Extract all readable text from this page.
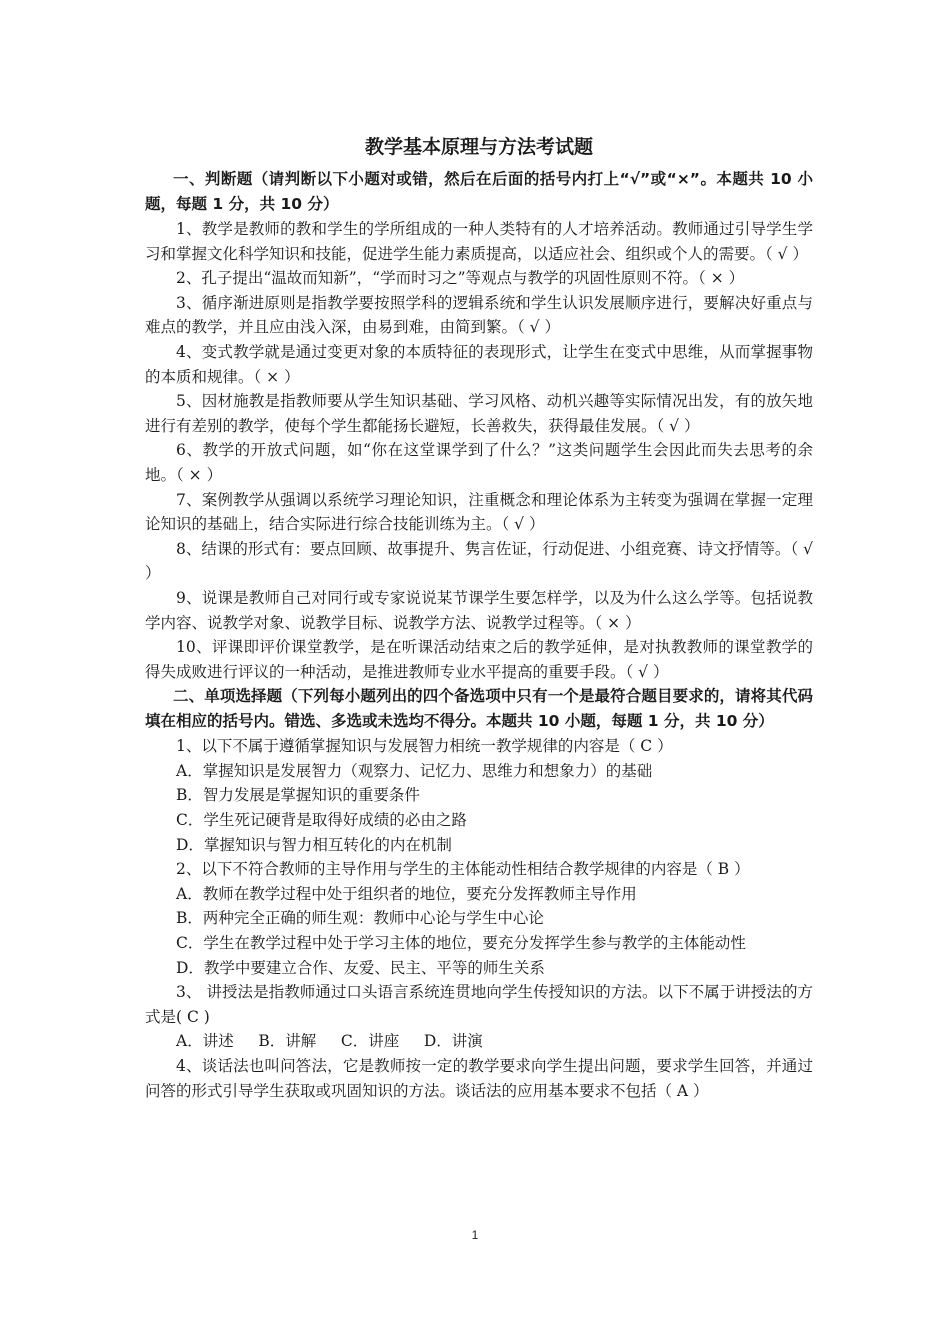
教学基本原理与方法考试题

一、判断题（请判断以下小题对或错，然后在后面的括号内打上“√”或“×”。本题共 10 小题，每题 1 分，共 10 分）

1、教学是教师的教和学生的学所组成的一种人类特有的人才培养活动。教师通过引导学生学习和掌握文化科学知识和技能，促进学生能力素质提高，以适应社会、组织或个人的需要。（ √ ）

2、孔子提出“温故而知新”，“学而时习之”等观点与教学的巩固性原则不符。（ × ）

3、循序渐进原则是指教学要按照学科的逻辑系统和学生认识发展顺序进行，要解决好重点与难点的教学，并且应由浅入深，由易到难，由简到繁。（ √ ）

4、变式教学就是通过变更对象的本质特征的表现形式，让学生在变式中思维，从而掌握事物的本质和规律。（ × ）

5、因材施教是指教师要从学生知识基础、学习风格、动机兴趣等实际情况出发，有的放矢地进行有差别的教学，使每个学生都能扬长避短，长善救失，获得最佳发展。（ √ ）

6、教学的开放式问题，如“你在这堂课学到了什么？”这类问题学生会因此而失去思考的余地。（ × ）

7、案例教学从强调以系统学习理论知识，注重概念和理论体系为主转变为强调在掌握一定理论知识的基础上，结合实际进行综合技能训练为主。（ √ ）

8、结课的形式有：要点回顾、故事提升、隽言佐证，行动促进、小组竞赛、诗文抒情等。（ √ ）

9、说课是教师自己对同行或专家说说某节课学生要怎样学，以及为什么这么学等。包括说教学内容、说教学对象、说教学目标、说教学方法、说教学过程等。（ × ）

10、评课即评价课堂教学，是在听课活动结束之后的教学延伸，是对执教教师的课堂教学的得失成败进行评议的一种活动，是推进教师专业水平提高的重要手段。（ √ ）

二、单项选择题（下列每小题列出的四个备选项中只有一个是最符合题目要求的，请将其代码填在相应的括号内。错选、多选或未选均不得分。本题共 10 小题，每题 1 分，共 10 分）

1、以下不属于遵循掌握知识与发展智力相统一教学规律的内容是（ C ）

A．掌握知识是发展智力（观察力、记忆力、思维力和想象力）的基础

B．智力发展是掌握知识的重要条件

C．学生死记硬背是取得好成绩的必由之路

D．掌握知识与智力相互转化的内在机制

2、以下不符合教师的主导作用与学生的主体能动性相结合教学规律的内容是（ B ）

A．教师在教学过程中处于组织者的地位，要充分发挥教师主导作用

B．两种完全正确的师生观：教师中心论与学生中心论

C．学生在教学过程中处于学习主体的地位，要充分发挥学生参与教学的主体能动性

D．教学中要建立合作、友爱、民主、平等的师生关系

3、 讲授法是指教师通过口头语言系统连贯地向学生传授知识的方法。以下不属于讲授法的方式是( C )

A．讲述     B．讲解     C．讲座     D．讲演

4、谈话法也叫问答法，它是教师按一定的教学要求向学生提出问题，要求学生回答，并通过问答的形式引导学生获取或巩固知识的方法。谈话法的应用基本要求不包括（ A ）

1
